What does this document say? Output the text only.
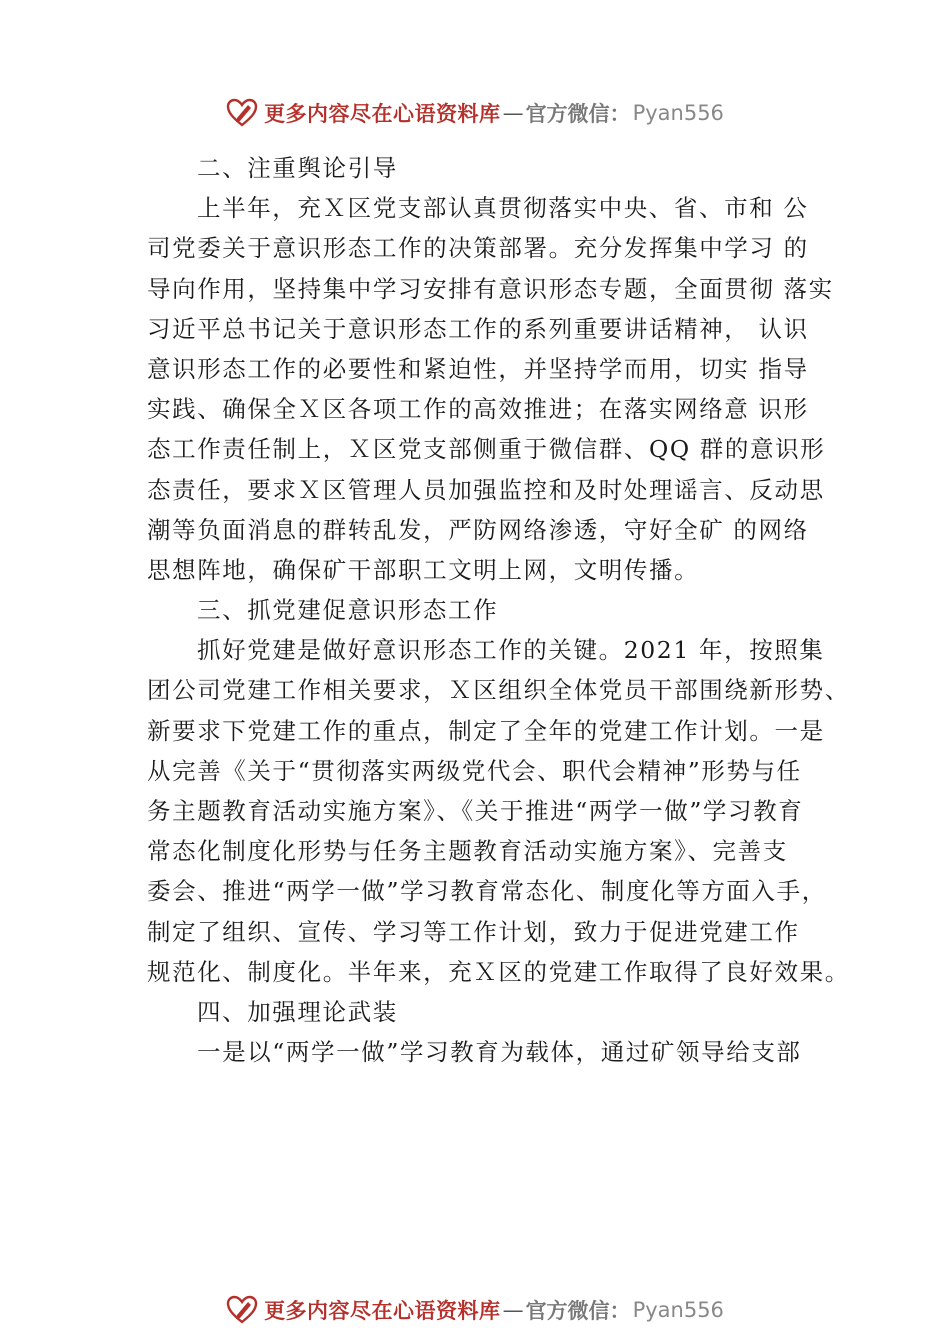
更多内容尽在心语资料库 — 官方微信： Pyan556
二、注重舆论引导
上半年，充Ｘ区党支部认真贯彻落实中央、省、市和 公
司党委关于意识形态工作的决策部署。充分发挥集中学习 的
导向作用，坚持集中学习安排有意识形态专题，全面贯彻 落实
习近平总书记关于意识形态工作的系列重要讲话精神， 认识
意识形态工作的必要性和紧迫性，并坚持学而用，切实 指导
实践、确保全Ｘ区各项工作的高效推进；在落实网络意 识形
态工作责任制上，Ｘ区党支部侧重于微信群、QQ 群的意识形
态责任，要求Ｘ区管理人员加强监控和及时处理谣言、反动思
潮等负面消息的群转乱发，严防网络渗透，守好全矿 的网络
思想阵地，确保矿干部职工文明上网，文明传播。
三、抓党建促意识形态工作
抓好党建是做好意识形态工作的关键。2021 年，按照集
团公司党建工作相关要求，Ｘ区组织全体党员干部围绕新形势、
新要求下党建工作的重点，制定了全年的党建工作计划。一是
从完善《关于“贯彻落实两级党代会、职代会精神”形势与任
务主题教育活动实施方案》、《关于推进“两学一做”学习教育
常态化制度化形势与任务主题教育活动实施方案》、完善支
委会、推进“两学一做”学习教育常态化、制度化等方面入手，
制定了组织、宣传、学习等工作计划，致力于促进党建工作
规范化、制度化。半年来，充Ｘ区的党建工作取得了良好效果。
四、加强理论武装
一是以“两学一做”学习教育为载体，通过矿领导给支部
更多内容尽在心语资料库 — 官方微信： Pyan556
